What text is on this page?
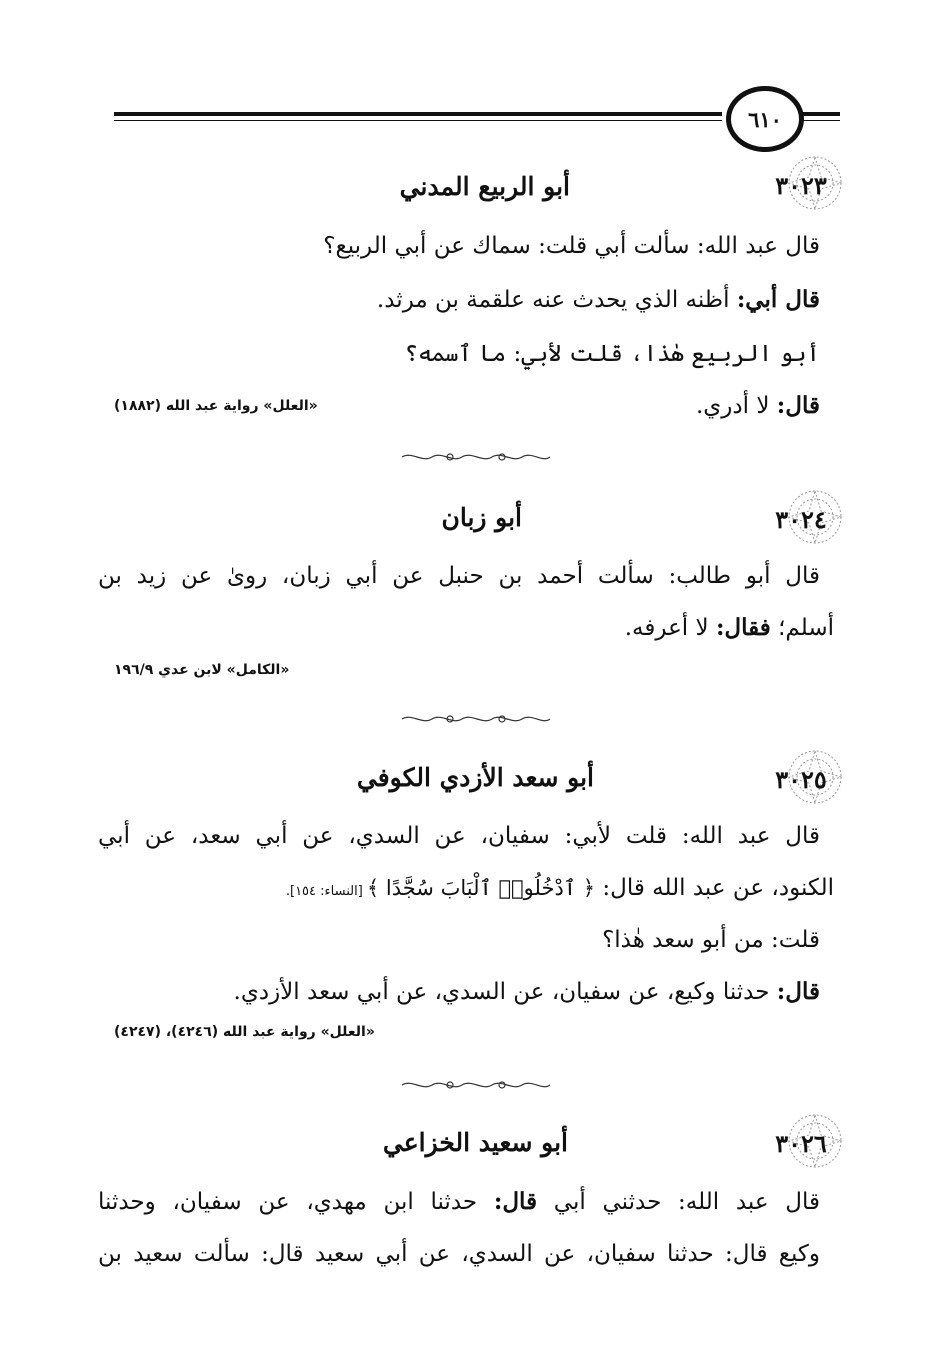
٦١٠
٣٠٢٣
أبو الربيع المدني
قال عبد الله: سألت أبي قلت: سماك عن أبي الربيع؟
قال أبي: أظنه الذي يحدث عنه علقمة بن مرثد.
أبو الربيع هٰذا، قلت لأبي: ما ٱسمه؟
قال: لا أدري.
«العلل» رواية عبد الله (١٨٨٢)
٣٠٢٤
أبو زبان
قال أبو طالب: سألت أحمد بن حنبل عن أبي زبان، روىٰ عن زيد بن
أسلم؛ فقال: لا أعرفه.
«الكامل» لابن عدي ١٩٦/٩
٣٠٢٥
أبو سعد الأزدي الكوفي
قال عبد الله: قلت لأبي: سفيان، عن السدي، عن أبي سعد، عن أبي
الكنود، عن عبد الله قال: ﴿ ٱدْخُلُوا۟ ٱلْبَابَ سُجَّدًا ﴾ [النساء: ١٥٤].
قلت: من أبو سعد هٰذا؟
قال: حدثنا وكيع، عن سفيان، عن السدي، عن أبي سعد الأزدي.
«العلل» رواية عبد الله (٤٢٤٦)، (٤٢٤٧)
٣٠٢٦
أبو سعيد الخزاعي
قال عبد الله: حدثني أبي قال: حدثنا ابن مهدي، عن سفيان، وحدثنا
وكيع قال: حدثنا سفيان، عن السدي، عن أبي سعيد قال: سألت سعيد بن
